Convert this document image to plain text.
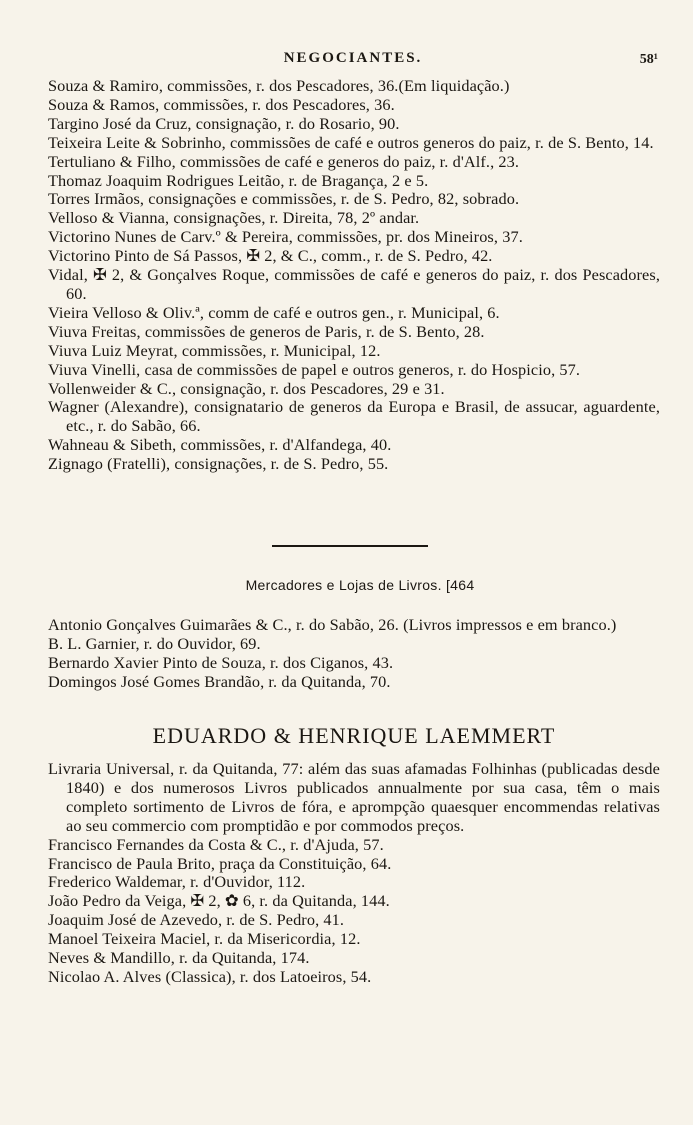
NEGOCIANTES.	58¹

Souza & Ramiro, commissões, r. dos Pescadores, 36.(Em liquidação.)

Souza & Ramos, commissões, r. dos Pescadores, 36.

Targino José da Cruz, consignação, r. do Rosario, 90.

Teixeira Leite & Sobrinho, commissões de café e outros generos do paiz, r. de S. Bento, 14.

Tertuliano & Filho, commissões de café e generos do paiz, r. d'Alf., 23.

Thomaz Joaquim Rodrigues Leitão, r. de Bragança, 2 e 5.

Torres Irmãos, consignações e commissões, r. de S. Pedro, 82, sobrado.

Velloso & Vianna, consignações, r. Direita, 78, 2º andar.

Victorino Nunes de Carv.º & Pereira, commissões, pr. dos Mineiros, 37.

Victorino Pinto de Sá Passos, ✠ 2, & C., comm., r. de S. Pedro, 42.

Vidal, ✠ 2, & Gonçalves Roque, commissões de café e generos do paiz, r. dos Pescadores, 60.

Vieira Velloso & Oliv.ª, comm de café e outros gen., r. Municipal, 6.

Viuva Freitas, commissões de generos de Paris, r. de S. Bento, 28.

Viuva Luiz Meyrat, commissões, r. Municipal, 12.

Viuva Vinelli, casa de commissões de papel e outros generos, r. do Hospicio, 57.

Vollenweider & C., consignação, r. dos Pescadores, 29 e 31.

Wagner (Alexandre), consignatario de generos da Europa e Brasil, de assucar, aguardente, etc., r. do Sabão, 66.

Wahneau & Sibeth, commissões, r. d'Alfandega, 40.

Zignago (Fratelli), consignações, r. de S. Pedro, 55.

Mercadores e Lojas de Livros. [464

Antonio Gonçalves Guimarães & C., r. do Sabão, 26. (Livros impressos e em branco.)

B. L. Garnier, r. do Ouvidor, 69.

Bernardo Xavier Pinto de Souza, r. dos Ciganos, 43.

Domingos José Gomes Brandão, r. da Quitanda, 70.

EDUARDO & HENRIQUE LAEMMERT

Livraria Universal, r. da Quitanda, 77: além das suas afamadas Folhinhas (publicadas desde 1840) e dos numerosos Livros publicados annualmente por sua casa, têm o mais completo sortimento de Livros de fóra, e aprompção quaesquer encommendas relativas ao seu commercio com promptidão e por commodos preços.

Francisco Fernandes da Costa & C., r. d'Ajuda, 57.

Francisco de Paula Brito, praça da Constituição, 64.

Frederico Waldemar, r. d'Ouvidor, 112.

João Pedro da Veiga, ✠ 2, ✿ 6, r. da Quitanda, 144.

Joaquim José de Azevedo, r. de S. Pedro, 41.

Manoel Teixeira Maciel, r. da Misericordia, 12.

Neves & Mandillo, r. da Quitanda, 174.

Nicolao A. Alves (Classica), r. dos Latoeiros, 54.
